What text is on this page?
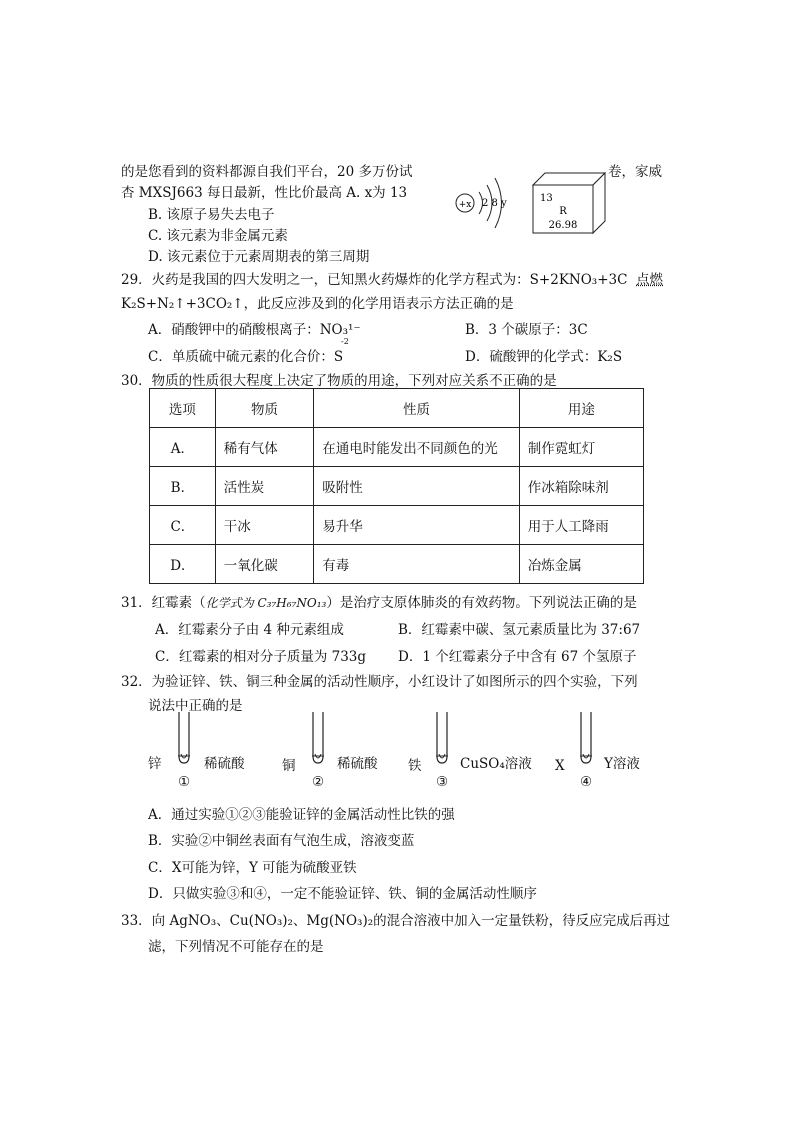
的是您看到的资料都源自我们平台，20 多万份试	卷，家威
杏 MXSJ663 每日最新，性比价最高 A. x为 13
B. 该原子易失去电子
C. 该元素为非金属元素
D. 该元素位于元素周期表的第三周期
+x 2 8 y	13
R
26.98
29．火药是我国的四大发明之一，已知黑火药爆炸的化学方程式为：S+2KNO₃+3C 点燃
K₂S+N₂↑+3CO₂↑，此反应涉及到的化学用语表示方法正确的是
A．硝酸钾中的硝酸根离子：NO₃¹⁻	B．3 个碳原子：3C
-2
C．单质硫中硫元素的化合价：S	D．硫酸钾的化学式：K₂S
30．物质的性质很大程度上决定了物质的用途，下列对应关系不正确的是
选项	物质	性质	用途
A．	稀有气体	在通电时能发出不同颜色的光	制作霓虹灯
B．	活性炭	吸附性	作冰箱除味剂
C．	干冰	易升华	用于人工降雨
D．	一氧化碳	有毒	冶炼金属
31．红霉素（化学式为 C₃₇H₆₇NO₁₃）是治疗支原体肺炎的有效药物。下列说法正确的是
A．红霉素分子由 4 种元素组成	B．红霉素中碳、氢元素质量比为 37:67
C．红霉素的相对分子质量为 733g D．1 个红霉素分子中含有 67 个氢原子
32．为验证锌、铁、铜三种金属的活动性顺序，小红设计了如图所示的四个实验，下列
说法中正确的是
锌	稀硫酸
①
铜	稀硫酸
②
铁	CuSO₄溶液
③
X	Y溶液
④
A．通过实验①②③能验证锌的金属活动性比铁的强
B．实验②中铜丝表面有气泡生成，溶液变蓝
C．X可能为锌，Y 可能为硫酸亚铁
D．只做实验③和④，一定不能验证锌、铁、铜的金属活动性顺序
33．向 AgNO₃、Cu(NO₃)₂、Mg(NO₃)₂的混合溶液中加入一定量铁粉，待反应完成后再过
滤，下列情况不可能存在的是
